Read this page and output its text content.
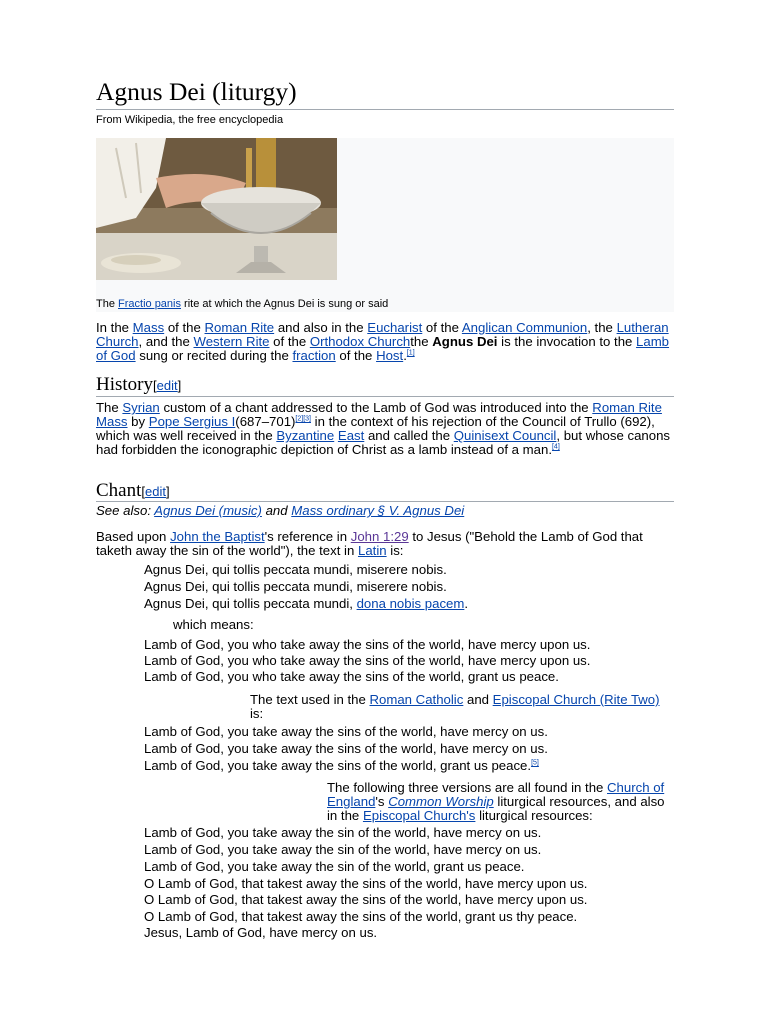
Agnus Dei (liturgy)
From Wikipedia, the free encyclopedia
The Fractio panis rite at which the Agnus Dei is sung or said
In the Mass of the Roman Rite and also in the Eucharist of the Anglican Communion, the Lutheran Church, and the Western Rite of the Orthodox Churchthe Agnus Dei is the invocation to the Lamb of God sung or recited during the fraction of the Host.[1]
History[edit]
The Syrian custom of a chant addressed to the Lamb of God was introduced into the Roman Rite Mass by Pope Sergius I(687–701)[2][3] in the context of his rejection of the Council of Trullo (692), which was well received in the Byzantine East and called the Quinisext Council, but whose canons had forbidden the iconographic depiction of Christ as a lamb instead of a man.[4]
Chant[edit]
See also: Agnus Dei (music) and Mass ordinary § V. Agnus Dei
Based upon John the Baptist's reference in John 1:29 to Jesus ("Behold the Lamb of God that taketh away the sin of the world"), the text in Latin is:
Agnus Dei, qui tollis peccata mundi, miserere nobis.
Agnus Dei, qui tollis peccata mundi, miserere nobis.
Agnus Dei, qui tollis peccata mundi, dona nobis pacem.
which means:
Lamb of God, you who take away the sins of the world, have mercy upon us.
Lamb of God, you who take away the sins of the world, have mercy upon us.
Lamb of God, you who take away the sins of the world, grant us peace.
The text used in the Roman Catholic and Episcopal Church (Rite Two) is:
Lamb of God, you take away the sins of the world, have mercy on us.
Lamb of God, you take away the sins of the world, have mercy on us.
Lamb of God, you take away the sins of the world, grant us peace.[5]
The following three versions are all found in the Church of England's Common Worship liturgical resources, and also in the Episcopal Church's liturgical resources:
Lamb of God, you take away the sin of the world, have mercy on us.
Lamb of God, you take away the sin of the world, have mercy on us.
Lamb of God, you take away the sin of the world, grant us peace.
O Lamb of God, that takest away the sins of the world, have mercy upon us.
O Lamb of God, that takest away the sins of the world, have mercy upon us.
O Lamb of God, that takest away the sins of the world, grant us thy peace.
Jesus, Lamb of God, have mercy on us.
